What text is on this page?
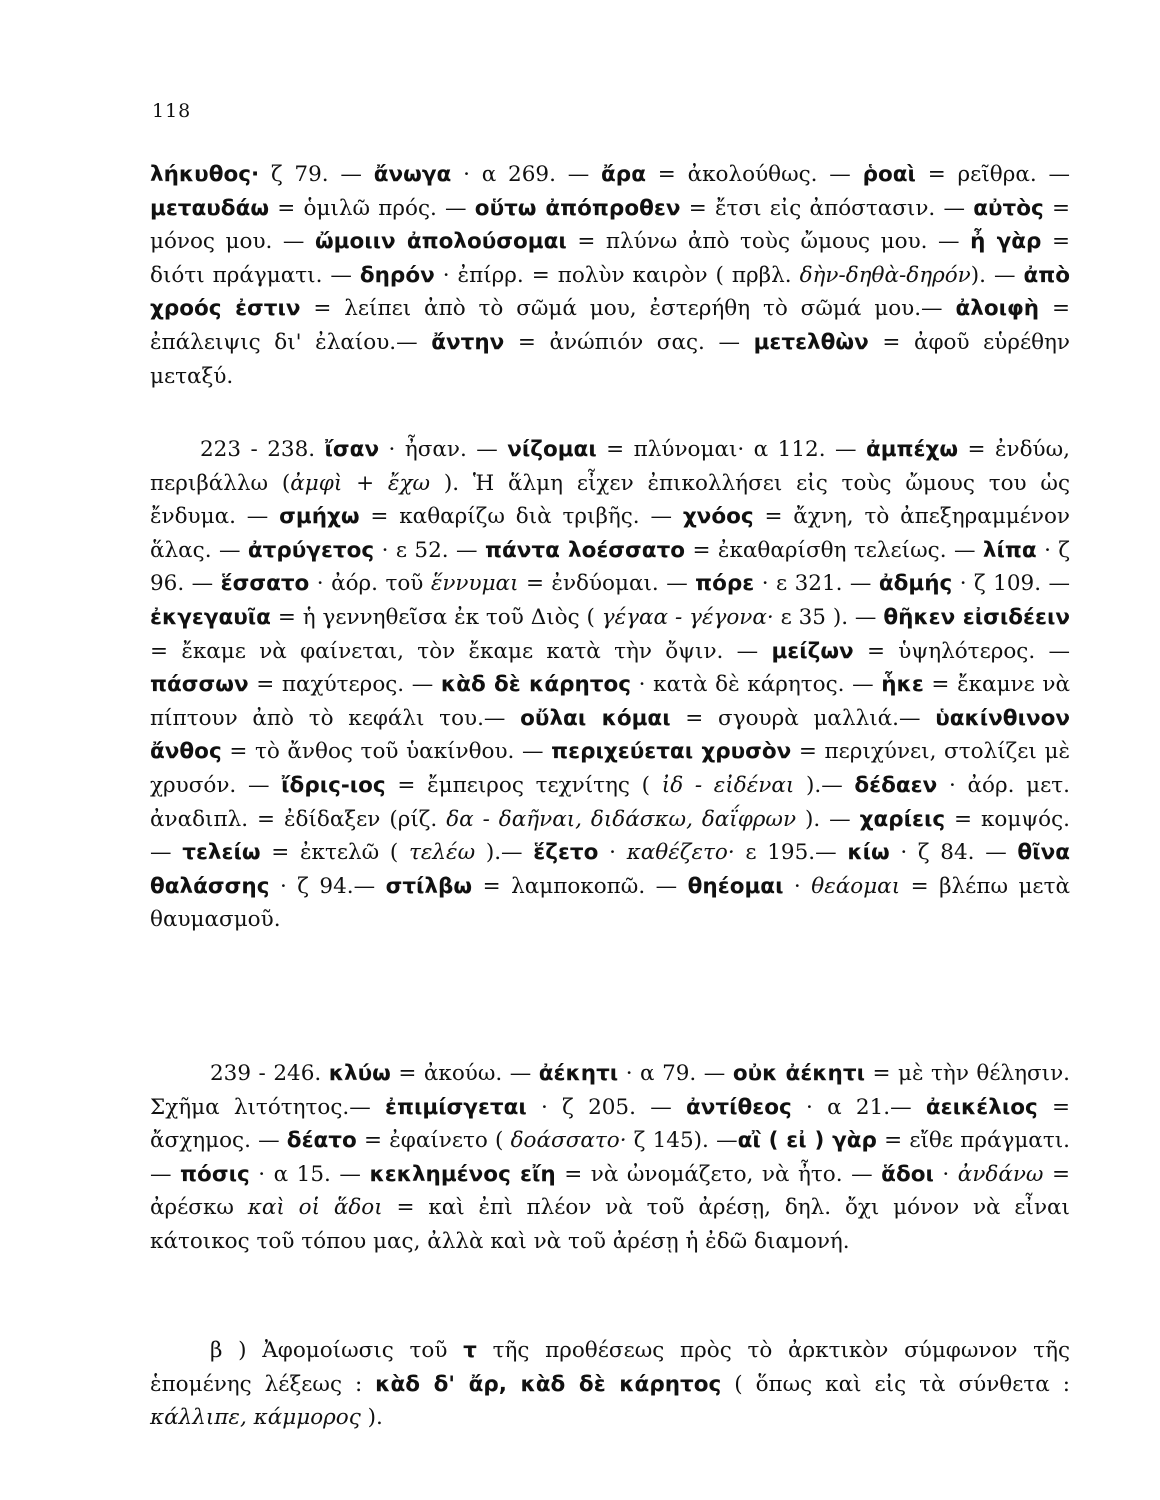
118

λήκυθος· ζ 79. — ἄνωγα · α 269. — ἄρα = ἀκολούθως. — ῥοαὶ = ρεῖθρα. — μεταυδάω = ὁμιλῶ πρός. — οὕτω ἀπόπροθεν = ἔτσι εἰς ἀπόστασιν. — αὐτὸς = μόνος μου. — ὤμοιιν ἀπολούσομαι = πλύνω ἀπὸ τοὺς ὤμους μου. — ἦ γὰρ = διότι πράγματι. — δηρόν · ἐπίρρ. = πολὺν καιρὸν ( πρβλ. δὴν-δηθὰ-δηρόν). — ἀπὸ χροός ἐστιν = λείπει ἀπὸ τὸ σῶμά μου, ἐστερήθη τὸ σῶμά μου.— ἀλοιφὴ = ἐπάλειψις δι' ἐλαίου.— ἄντην = ἀνώπιόν σας. — μετελθὼν = ἀφοῦ εὑρέθην μεταξύ.

223 - 238. ἴσαν · ἦσαν. — νίζομαι = πλύνομαι· α 112. — ἀμπέχω = ἐνδύω, περιβάλλω (ἀμφὶ + ἔχω ). Ἡ ἅλμη εἶχεν ἐπικολλήσει εἰς τοὺς ὤμους του ὡς ἔνδυμα. — σμήχω = καθαρίζω διὰ τριβῆς. — χνόος = ἄχνη, τὸ ἀπεξηραμμένον ἅλας. — ἀτρύγετος · ε 52. — πάντα λοέσσατο = ἐκαθαρίσθη τελείως. — λίπα · ζ 96. — ἕσσατο · ἀόρ. τοῦ ἕννυμαι = ἐνδύομαι. — πόρε · ε 321. — ἀδμής · ζ 109. — ἐκγεγαυῖα = ἡ γεννηθεῖσα ἐκ τοῦ Διὸς ( γέγαα - γέγονα· ε 35 ). — θῆκεν εἰσιδέειν = ἔκαμε νὰ φαίνεται, τὸν ἔκαμε κατὰ τὴν ὄψιν. — μείζων = ὑψηλότερος. — πάσσων = παχύτερος. — κὰδ δὲ κάρητος · κατὰ δὲ κάρητος. — ἧκε = ἔκαμνε νὰ πίπτουν ἀπὸ τὸ κεφάλι του.— οὔλαι κόμαι = σγουρὰ μαλλιά.— ὑακίνθινον ἄνθος = τὸ ἄνθος τοῦ ὑακίνθου. — περιχεύεται χρυσὸν = περιχύνει, στολίζει μὲ χρυσόν. — ἴδρις-ιος = ἔμπειρος τεχνίτης ( ἰδ - εἰδέναι ).— δέδαεν · ἀόρ. μετ. ἀναδιπλ. = ἐδίδαξεν (ρίζ. δα - δαῆναι, διδάσκω, δαΐφρων ). — χαρίεις = κομψός. — τελείω = ἐκτελῶ ( τελέω ).— ἕζετο · καθέζετο· ε 195.— κίω · ζ 84. — θῖνα θαλάσσης · ζ 94.— στίλβω = λαμποκοπῶ. — θηέομαι · θεάομαι = βλέπω μετὰ θαυμασμοῦ.

239 - 246. κλύω = ἀκούω. — ἀέκητι · α 79. — οὐκ ἀέκητι = μὲ τὴν θέλησιν. Σχῆμα λιτότητος.— ἐπιμίσγεται · ζ 205. — ἀντίθεος · α 21.— ἀεικέλιος = ἄσχημος. — δέατο = ἐφαίνετο ( δοάσσατο· ζ 145). —αἲ ( εἰ ) γὰρ = εἴθε πράγματι. — πόσις · α 15. — κεκλημένος εἴη = νὰ ὠνομάζετο, νὰ ἦτο. — ἅδοι · ἀνδάνω = ἀρέσκω καὶ οἱ ἅδοι = καὶ ἐπὶ πλέον νὰ τοῦ ἀρέσῃ, δηλ. ὄχι μόνον νὰ εἶναι κάτοικος τοῦ τόπου μας, ἀλλὰ καὶ νὰ τοῦ ἀρέσῃ ἡ ἐδῶ διαμονή.

β ) Ἀφομοίωσις τοῦ τ τῆς προθέσεως πρὸς τὸ ἀρκτικὸν σύμφωνον τῆς ἑπομένης λέξεως : κὰδ δ' ἄρ, κὰδ δὲ κάρητος ( ὅπως καὶ εἰς τὰ σύνθετα : κάλλιπε, κάμμορος ).
